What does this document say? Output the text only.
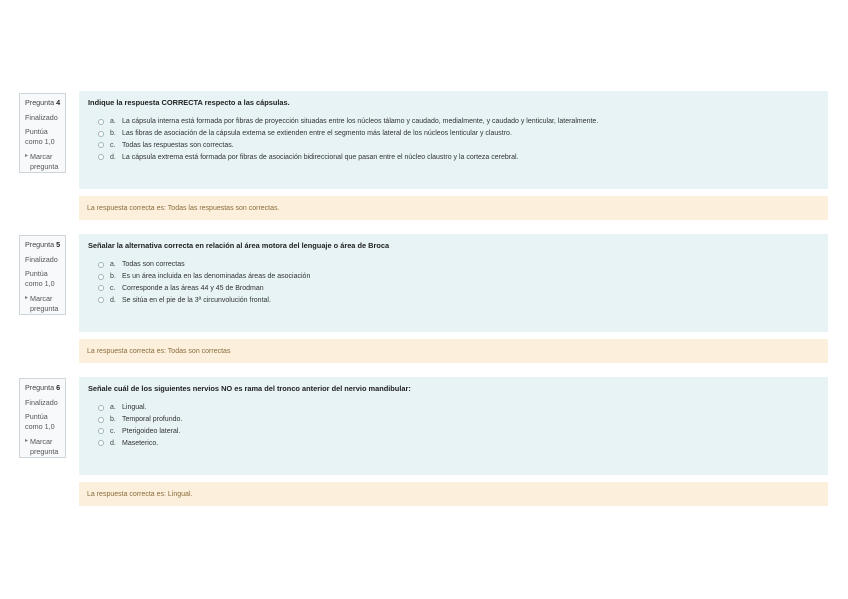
Pregunta 4
Finalizado
Puntúa como 1,0
▸ Marcar pregunta
Indique la respuesta CORRECTA respecto a las cápsulas.
a. La cápsula interna está formada por fibras de proyección situadas entre los núcleos tálamo y caudado, medialmente, y caudado y lenticular, lateralmente.
b. Las fibras de asociación de la cápsula externa se extienden entre el segmento más lateral de los núcleos lenticular y claustro.
c. Todas las respuestas son correctas.
d. La cápsula extrema está formada por fibras de asociación bidireccional que pasan entre el núcleo claustro y la corteza cerebral.
La respuesta correcta es: Todas las respuestas son correctas.
Pregunta 5
Finalizado
Puntúa como 1,0
▸ Marcar pregunta
Señalar la alternativa correcta en relación al área motora del lenguaje o área de Broca
a. Todas son correctas
b. Es un área incluida en las denominadas áreas de asociación
c. Corresponde a las áreas 44 y 45 de Brodman
d. Se sitúa en el pie de la 3ª circunvolución frontal.
La respuesta correcta es: Todas son correctas
Pregunta 6
Finalizado
Puntúa como 1,0
▸ Marcar pregunta
Señale cuál de los siguientes nervios NO es rama del tronco anterior del nervio mandibular:
a. Lingual.
b. Temporal profundo.
c. Pterigoideo lateral.
d. Maseterico.
La respuesta correcta es: Lingual.
